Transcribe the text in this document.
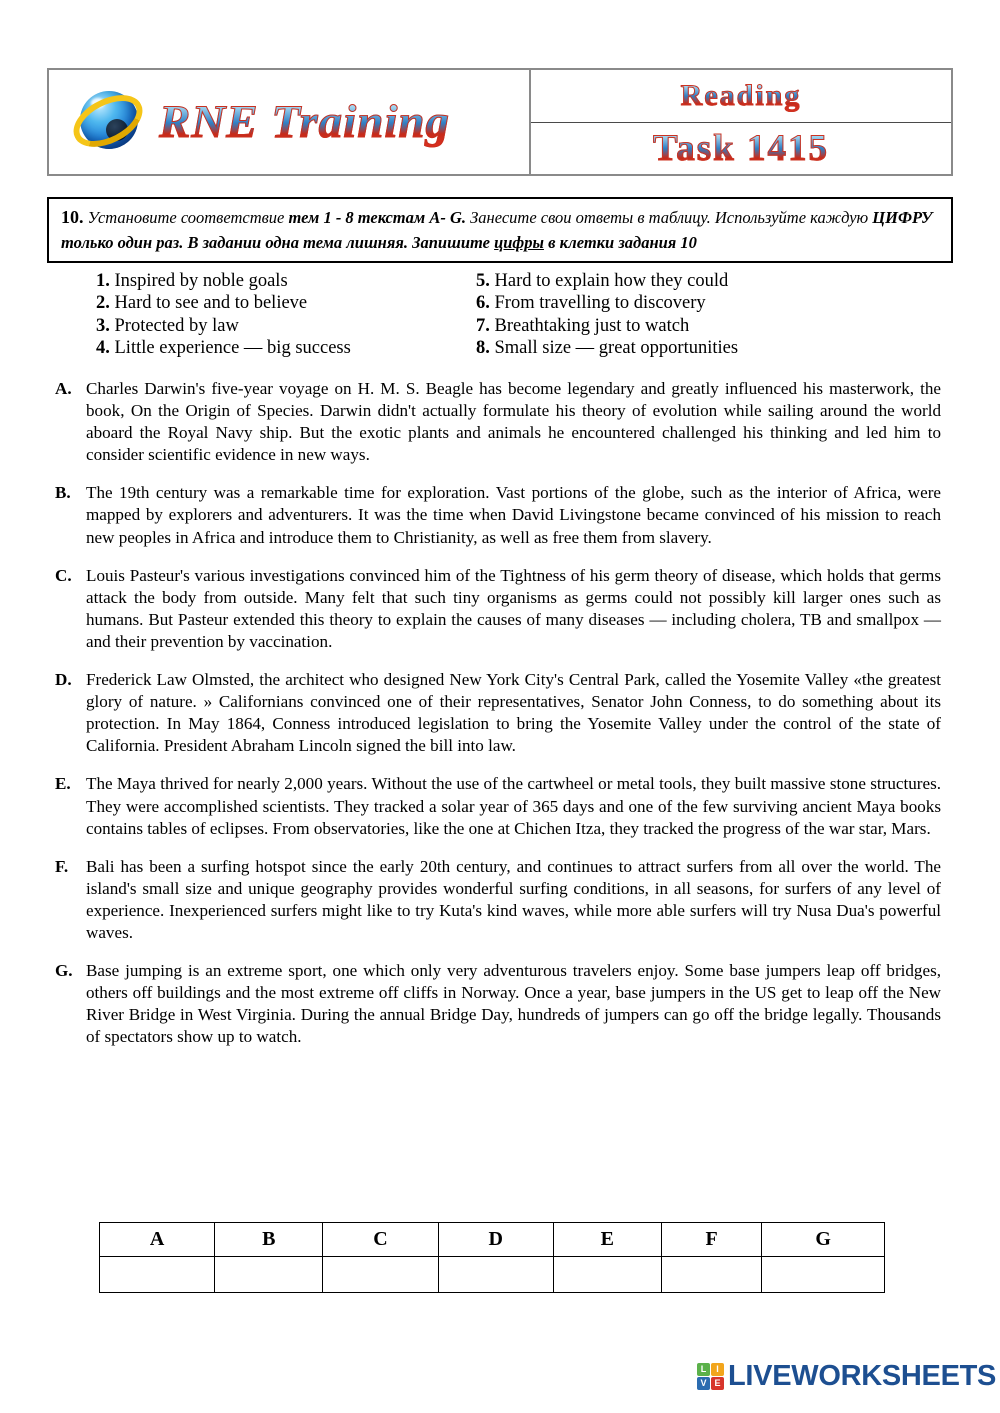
RNE Training
Reading
Task 1415
10. Установите соответствие тем 1 - 8 текстам A- G. Занесите свои ответы в таблицу. Используйте каждую ЦИФРУ только один раз. В задании одна тема лишняя. Запишите цифры в клетки задания 10
1. Inspired by noble goals
2. Hard to see and to believe
3. Protected by law
4. Little experience — big success
5. Hard to explain how they could
6. From travelling to discovery
7. Breathtaking just to watch
8. Small size — great opportunities
A. Charles Darwin's five-year voyage on H. M. S. Beagle has become legendary and greatly influenced his masterwork, the book, On the Origin of Species. Darwin didn't actually formulate his theory of evolution while sailing around the world aboard the Royal Navy ship. But the exotic plants and animals he encountered challenged his thinking and led him to consider scientific evidence in new ways.
B. The 19th century was a remarkable time for exploration. Vast portions of the globe, such as the interior of Africa, were mapped by explorers and adventurers. It was the time when David Livingstone became convinced of his mission to reach new peoples in Africa and introduce them to Christianity, as well as free them from slavery.
C. Louis Pasteur's various investigations convinced him of the Tightness of his germ theory of disease, which holds that germs attack the body from outside. Many felt that such tiny organisms as germs could not possibly kill larger ones such as humans. But Pasteur extended this theory to explain the causes of many diseases — including cholera, TB and smallpox — and their prevention by vaccination.
D. Frederick Law Olmsted, the architect who designed New York City's Central Park, called the Yosemite Valley «the greatest glory of nature. » Californians convinced one of their representatives, Senator John Conness, to do something about its protection. In May 1864, Conness introduced legislation to bring the Yosemite Valley under the control of the state of California. President Abraham Lincoln signed the bill into law.
E. The Maya thrived for nearly 2,000 years. Without the use of the cartwheel or metal tools, they built massive stone structures. They were accomplished scientists. They tracked a solar year of 365 days and one of the few surviving ancient Maya books contains tables of eclipses. From observatories, like the one at Chichen Itza, they tracked the progress of the war star, Mars.
F. Bali has been a surfing hotspot since the early 20th century, and continues to attract surfers from all over the world. The island's small size and unique geography provides wonderful surfing conditions, in all seasons, for surfers of any level of experience. Inexperienced surfers might like to try Kuta's kind waves, while more able surfers will try Nusa Dua's powerful waves.
G. Base jumping is an extreme sport, one which only very adventurous travelers enjoy. Some base jumpers leap off bridges, others off buildings and the most extreme off cliffs in Norway. Once a year, base jumpers in the US get to leap off the New River Bridge in West Virginia. During the annual Bridge Day, hundreds of jumpers can go off the bridge legally. Thousands of spectators show up to watch.
A	B	C	D	E	F	G

L	I
V E LIVEWORKSHEETS
